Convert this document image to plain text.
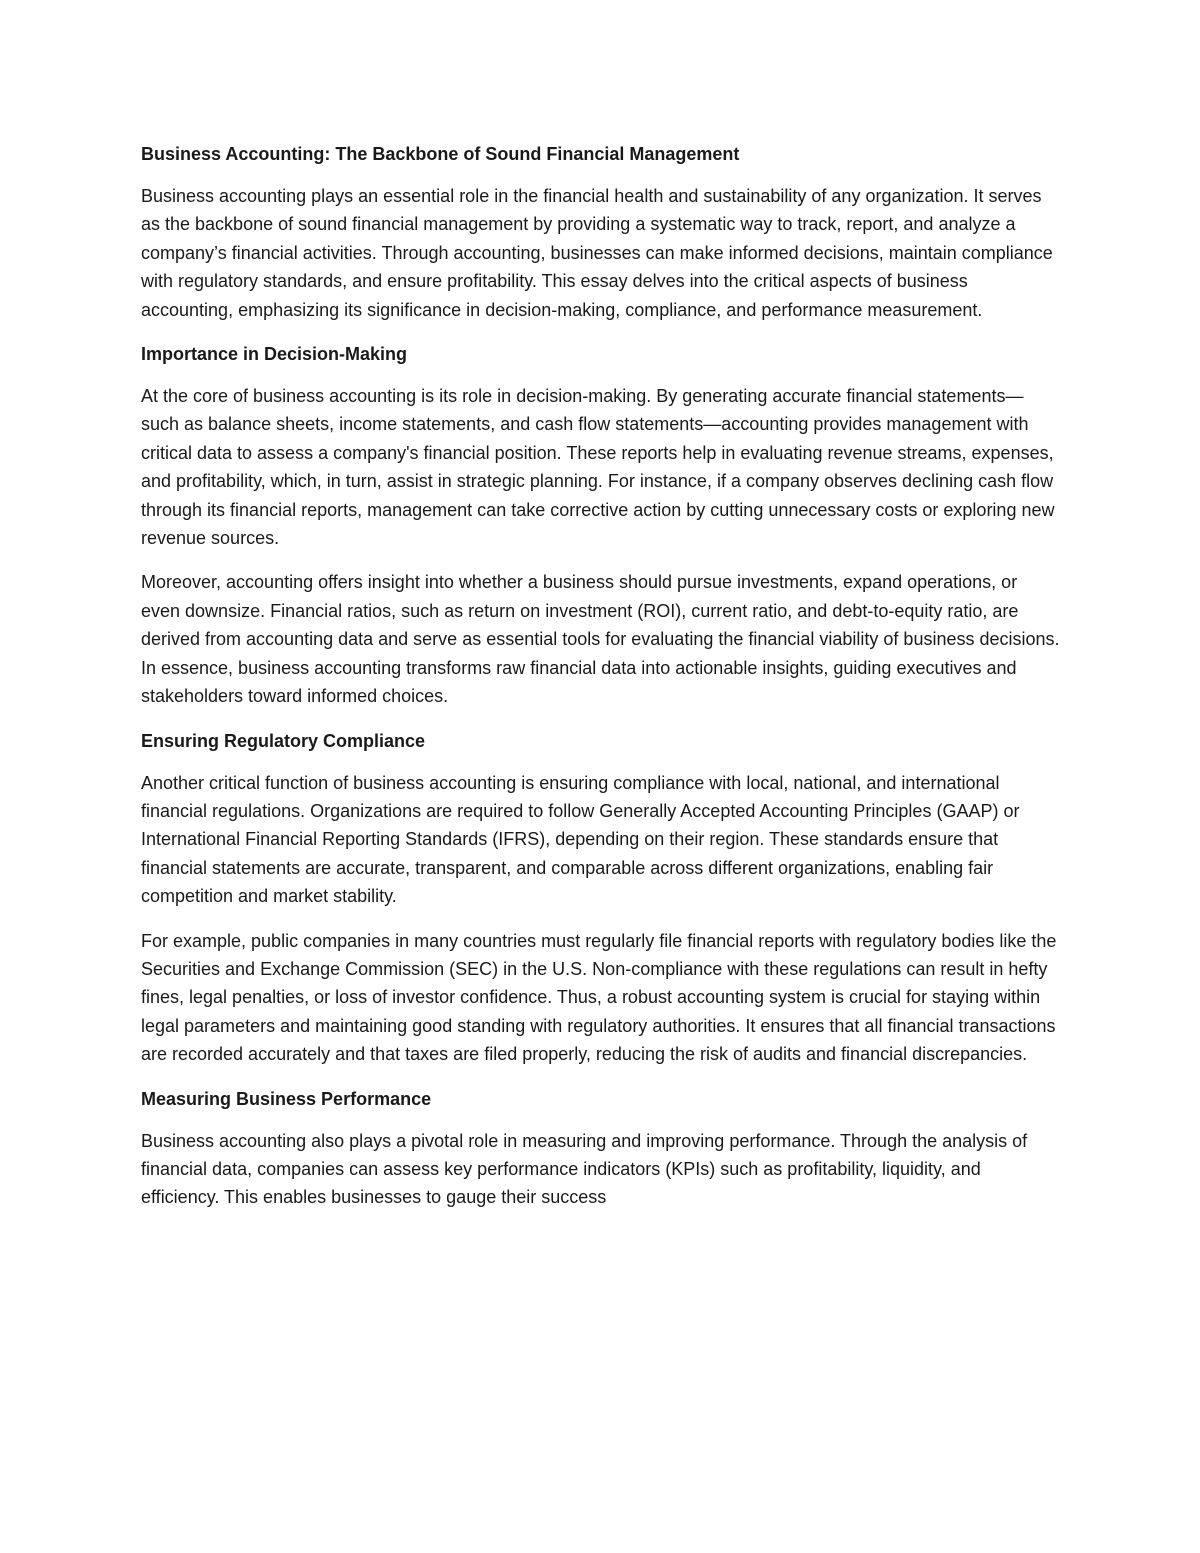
Business Accounting: The Backbone of Sound Financial Management

Business accounting plays an essential role in the financial health and sustainability of any organization. It serves as the backbone of sound financial management by providing a systematic way to track, report, and analyze a company’s financial activities. Through accounting, businesses can make informed decisions, maintain compliance with regulatory standards, and ensure profitability. This essay delves into the critical aspects of business accounting, emphasizing its significance in decision-making, compliance, and performance measurement.

Importance in Decision-Making

At the core of business accounting is its role in decision-making. By generating accurate financial statements—such as balance sheets, income statements, and cash flow statements—accounting provides management with critical data to assess a company's financial position. These reports help in evaluating revenue streams, expenses, and profitability, which, in turn, assist in strategic planning. For instance, if a company observes declining cash flow through its financial reports, management can take corrective action by cutting unnecessary costs or exploring new revenue sources.

Moreover, accounting offers insight into whether a business should pursue investments, expand operations, or even downsize. Financial ratios, such as return on investment (ROI), current ratio, and debt-to-equity ratio, are derived from accounting data and serve as essential tools for evaluating the financial viability of business decisions. In essence, business accounting transforms raw financial data into actionable insights, guiding executives and stakeholders toward informed choices.

Ensuring Regulatory Compliance

Another critical function of business accounting is ensuring compliance with local, national, and international financial regulations. Organizations are required to follow Generally Accepted Accounting Principles (GAAP) or International Financial Reporting Standards (IFRS), depending on their region. These standards ensure that financial statements are accurate, transparent, and comparable across different organizations, enabling fair competition and market stability.

For example, public companies in many countries must regularly file financial reports with regulatory bodies like the Securities and Exchange Commission (SEC) in the U.S. Non-compliance with these regulations can result in hefty fines, legal penalties, or loss of investor confidence. Thus, a robust accounting system is crucial for staying within legal parameters and maintaining good standing with regulatory authorities. It ensures that all financial transactions are recorded accurately and that taxes are filed properly, reducing the risk of audits and financial discrepancies.

Measuring Business Performance

Business accounting also plays a pivotal role in measuring and improving performance. Through the analysis of financial data, companies can assess key performance indicators (KPIs) such as profitability, liquidity, and efficiency. This enables businesses to gauge their success
